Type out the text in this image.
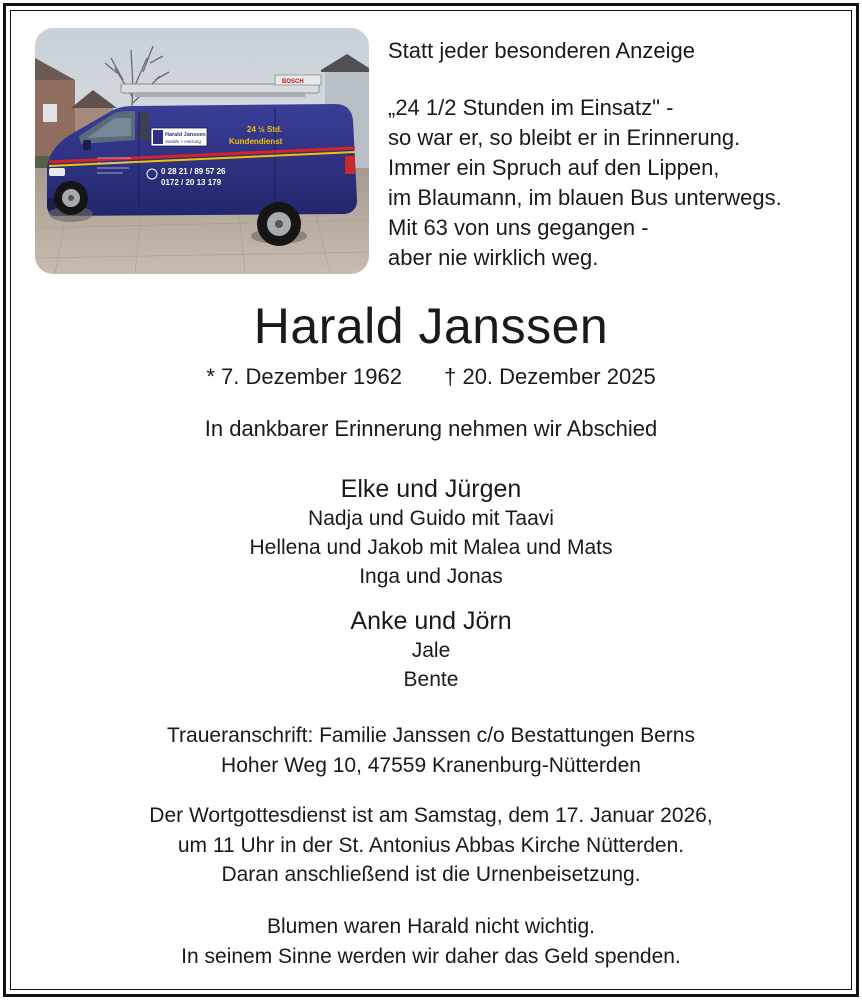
BOSCH
Harald Janssen
Sanitär + Heizung
24 ½ Std.
Kundendienst
0 28 21 / 89 57 26
0172 / 20 13 179
Statt jeder besonderen Anzeige
„24 1/2 Stunden im Einsatz" -
so war er, so bleibt er in Erinnerung.
Immer ein Spruch auf den Lippen,
im Blaumann, im blauen Bus unterwegs.
Mit 63 von uns gegangen -
aber nie wirklich weg.
Harald Janssen
* 7. Dezember 1962 † 20. Dezember 2025
In dankbarer Erinnerung nehmen wir Abschied
Elke und Jürgen
Nadja und Guido mit Taavi
Hellena und Jakob mit Malea und Mats
Inga und Jonas
Anke und Jörn
Jale
Bente
Traueranschrift: Familie Janssen c/o Bestattungen Berns
Hoher Weg 10, 47559 Kranenburg-Nütterden
Der Wortgottesdienst ist am Samstag, dem 17. Januar 2026,
um 11 Uhr in der St. Antonius Abbas Kirche Nütterden.
Daran anschließend ist die Urnenbeisetzung.
Blumen waren Harald nicht wichtig.
In seinem Sinne werden wir daher das Geld spenden.
